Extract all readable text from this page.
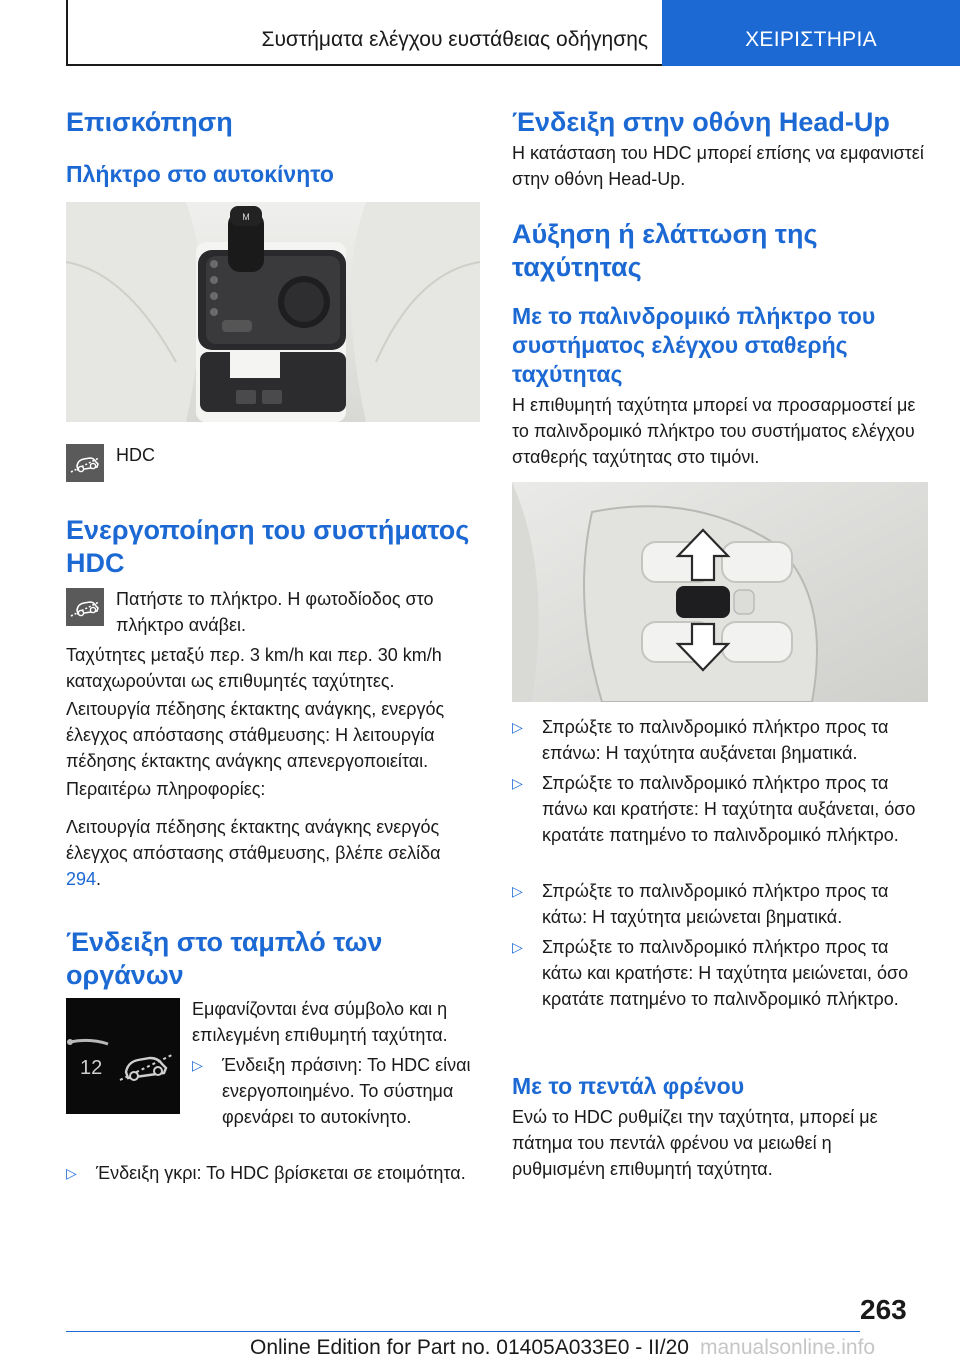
Συστήματα ελέγχου ευστάθειας οδήγησης	ΧΕΙΡΙΣΤΗΡΙΑ
Επισκόπηση
Πλήκτρο στο αυτοκίνητο
M

HDC

Ενεργοποίηση του συστήματος HDC

Πατήστε το πλήκτρο. Η φωτοδίοδος στο πλήκτρο ανάβει.

Ταχύτητες μεταξύ περ. 3 km/h και περ. 30 km/h καταχωρούνται ως επιθυμητές ταχύτητες.

Λειτουργία πέδησης έκτακτης ανάγκης, ενεργός έλεγχος απόστασης στάθμευσης: Η λειτουργία πέδησης έκτακτης ανάγκης απενεργοποιείται.

Περαιτέρω πληροφορίες:

Λειτουργία πέδησης έκτακτης ανάγκης ενεργός έλεγχος απόστασης στάθμευσης, βλέπε σελίδα 294.

Ένδειξη στο ταμπλό των οργάνων
12

Εμφανίζονται ένα σύμβολο και η επιλεγμένη επιθυμητή ταχύτητα.

▷	Ένδειξη πράσινη: Το HDC είναι ενεργοποιημένο. Το σύστημα φρενάρει το αυτοκίνητο.
▷	Ένδειξη γκρι: Το HDC βρίσκεται σε ετοιμότητα.
Ένδειξη στην οθόνη Head-Up

Η κατάσταση του HDC μπορεί επίσης να εμφανιστεί στην οθόνη Head-Up.

Αύξηση ή ελάττωση της ταχύτητας
Με το παλινδρομικό πλήκτρο του συστήματος ελέγχου σταθερής ταχύτητας

Η επιθυμητή ταχύτητα μπορεί να προσαρμοστεί με το παλινδρομικό πλήκτρο του συστήματος ελέγχου σταθερής ταχύτητας στο τιμόνι.

▷	Σπρώξτε το παλινδρομικό πλήκτρο προς τα επάνω: Η ταχύτητα αυξάνεται βηματικά.
▷	Σπρώξτε το παλινδρομικό πλήκτρο προς τα πάνω και κρατήστε: Η ταχύτητα αυξάνεται, όσο κρατάτε πατημένο το παλινδρομικό πλήκτρο.
▷	Σπρώξτε το παλινδρομικό πλήκτρο προς τα κάτω: Η ταχύτητα μειώνεται βηματικά.
▷	Σπρώξτε το παλινδρομικό πλήκτρο προς τα κάτω και κρατήστε: Η ταχύτητα μειώνεται, όσο κρατάτε πατημένο το παλινδρομικό πλήκτρο.
Με το πεντάλ φρένου

Ενώ το HDC ρυθμίζει την ταχύτητα, μπορεί με πάτημα του πεντάλ φρένου να μειωθεί η ρυθμισμένη επιθυμητή ταχύτητα.

263
Online Edition for Part no. 01405A033E0 - II/20 manualsonline.info
